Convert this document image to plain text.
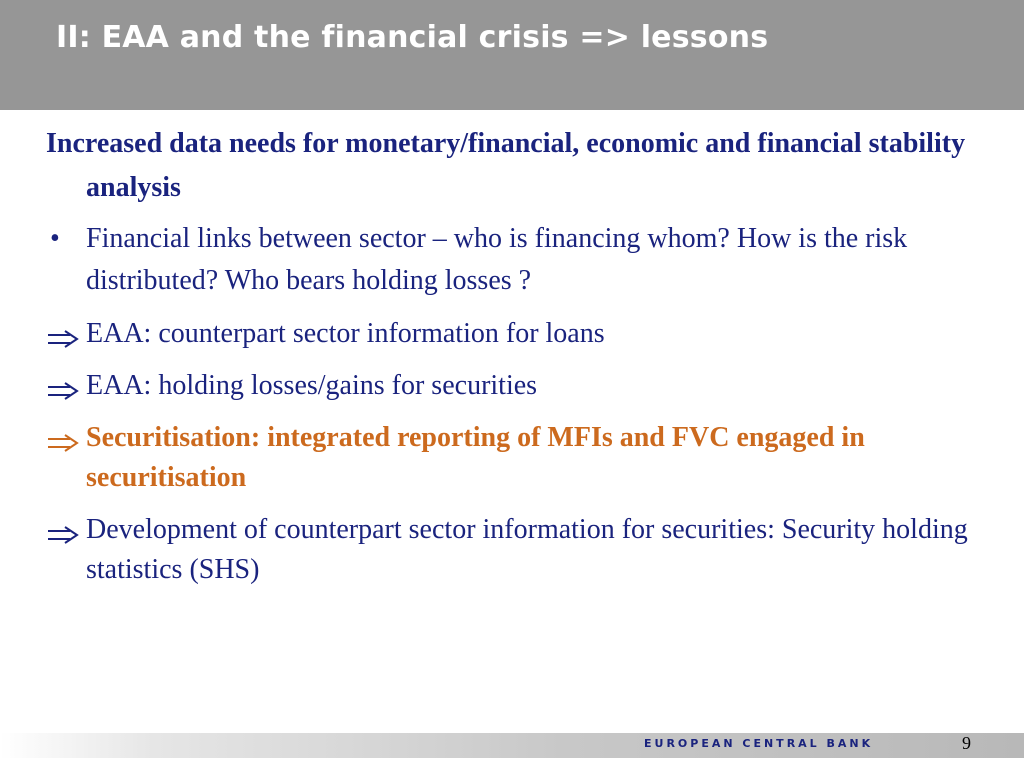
II: EAA and the financial crisis => lessons

Increased data needs for monetary/financial, economic and financial stability analysis

• Financial links between sector – who is financing whom? How is the risk distributed? Who bears holding losses ?
EAA: counterpart sector information for loans
EAA: holding losses/gains for securities
Securitisation: integrated reporting of MFIs and FVC engaged in securitisation
Development of counterpart sector information for securities: Security holding statistics (SHS)
EUROPEAN CENTRAL BANK	9
